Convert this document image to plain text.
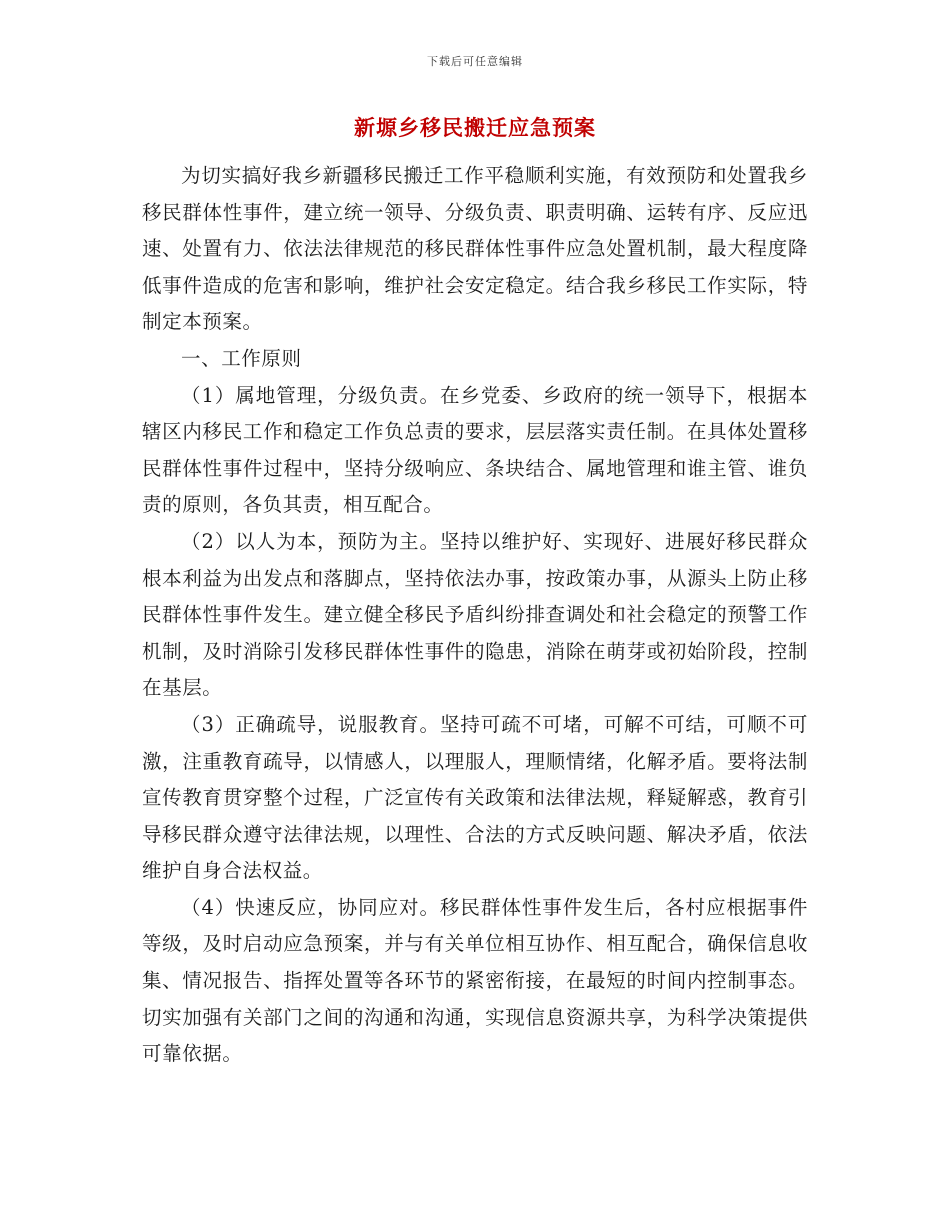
下载后可任意编辑
新塬乡移民搬迁应急预案

为切实搞好我乡新疆移民搬迁工作平稳顺利实施，有效预防和处置我乡移民群体性事件，建立统一领导、分级负责、职责明确、运转有序、反应迅速、处置有力、依法法律规范的移民群体性事件应急处置机制，最大程度降低事件造成的危害和影响，维护社会安定稳定。结合我乡移民工作实际，特制定本预案。

一、工作原则

（1）属地管理，分级负责。在乡党委、乡政府的统一领导下，根据本辖区内移民工作和稳定工作负总责的要求，层层落实责任制。在具体处置移民群体性事件过程中，坚持分级响应、条块结合、属地管理和谁主管、谁负责的原则，各负其责，相互配合。

（2）以人为本，预防为主。坚持以维护好、实现好、进展好移民群众根本利益为出发点和落脚点，坚持依法办事，按政策办事，从源头上防止移民群体性事件发生。建立健全移民予盾纠纷排查调处和社会稳定的预警工作机制，及时消除引发移民群体性事件的隐患，消除在萌芽或初始阶段，控制在基层。

（3）正确疏导，说服教育。坚持可疏不可堵，可解不可结，可顺不可激，注重教育疏导，以情感人，以理服人，理顺情绪，化解矛盾。要将法制宣传教育贯穿整个过程，广泛宣传有关政策和法律法规，释疑解惑，教育引导移民群众遵守法律法规，以理性、合法的方式反映问题、解决矛盾，依法维护自身合法权益。

（4）快速反应，协同应对。移民群体性事件发生后，各村应根据事件等级，及时启动应急预案，并与有关单位相互协作、相互配合，确保信息收集、情况报告、指挥处置等各环节的紧密衔接，在最短的时间内控制事态。切实加强有关部门之间的沟通和沟通，实现信息资源共享，为科学决策提供可靠依据。
